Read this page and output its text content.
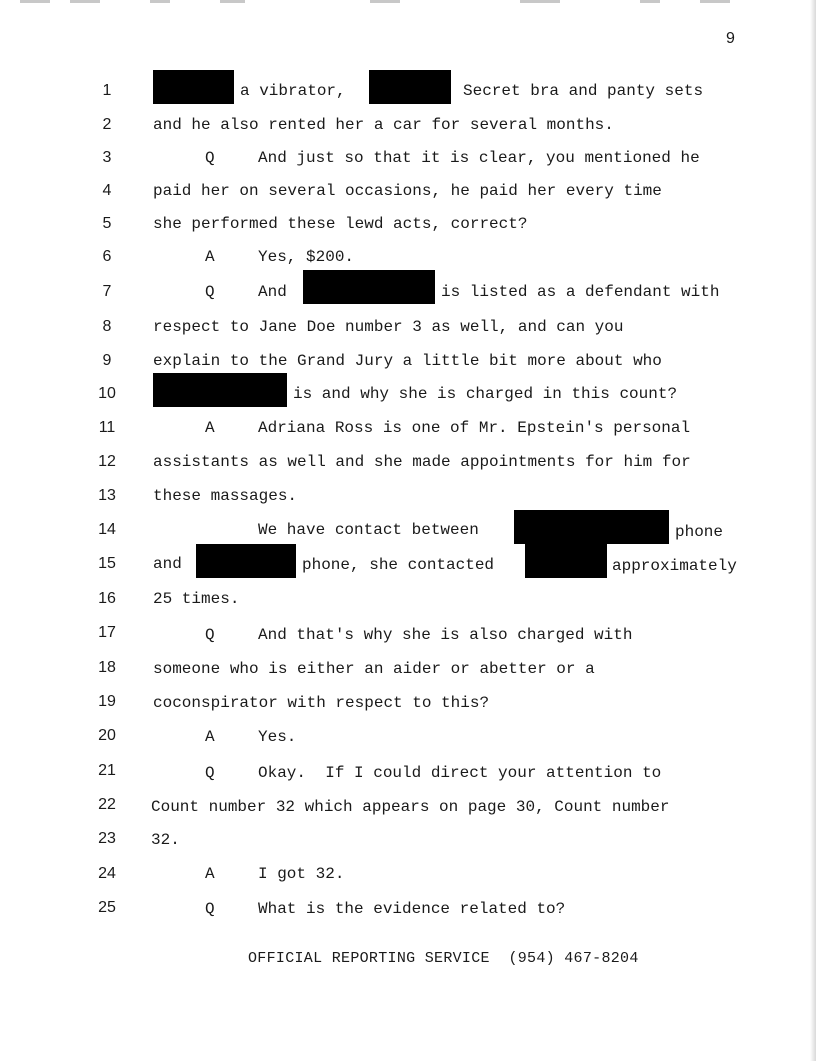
9
1
2
3
4
5
6
7
8
9
10
11
12
13
14
15
16
17
18
19
20
21
22
23
24
25
a vibrator,	Secret bra and panty sets
and he also rented her a car for several months.
Q	And just so that it is clear, you mentioned he
paid her on several occasions, he paid her every time
she performed these lewd acts, correct?
A	Yes, $200.
Q	And	is listed as a defendant with
respect to Jane Doe number 3 as well, and can you
explain to the Grand Jury a little bit more about who
is and why she is charged in this count?
A	Adriana Ross is one of Mr. Epstein's personal
assistants as well and she made appointments for him for
these massages.
We have contact between	phone
and	phone, she contacted	approximately
25 times.
Q	And that's why she is also charged with
someone who is either an aider or abetter or a
coconspirator with respect to this?
A	Yes.
Q	Okay.  If I could direct your attention to
Count number 32 which appears on page 30, Count number
32.
A	I got 32.
Q	What is the evidence related to?
OFFICIAL REPORTING SERVICE  (954) 467-8204
